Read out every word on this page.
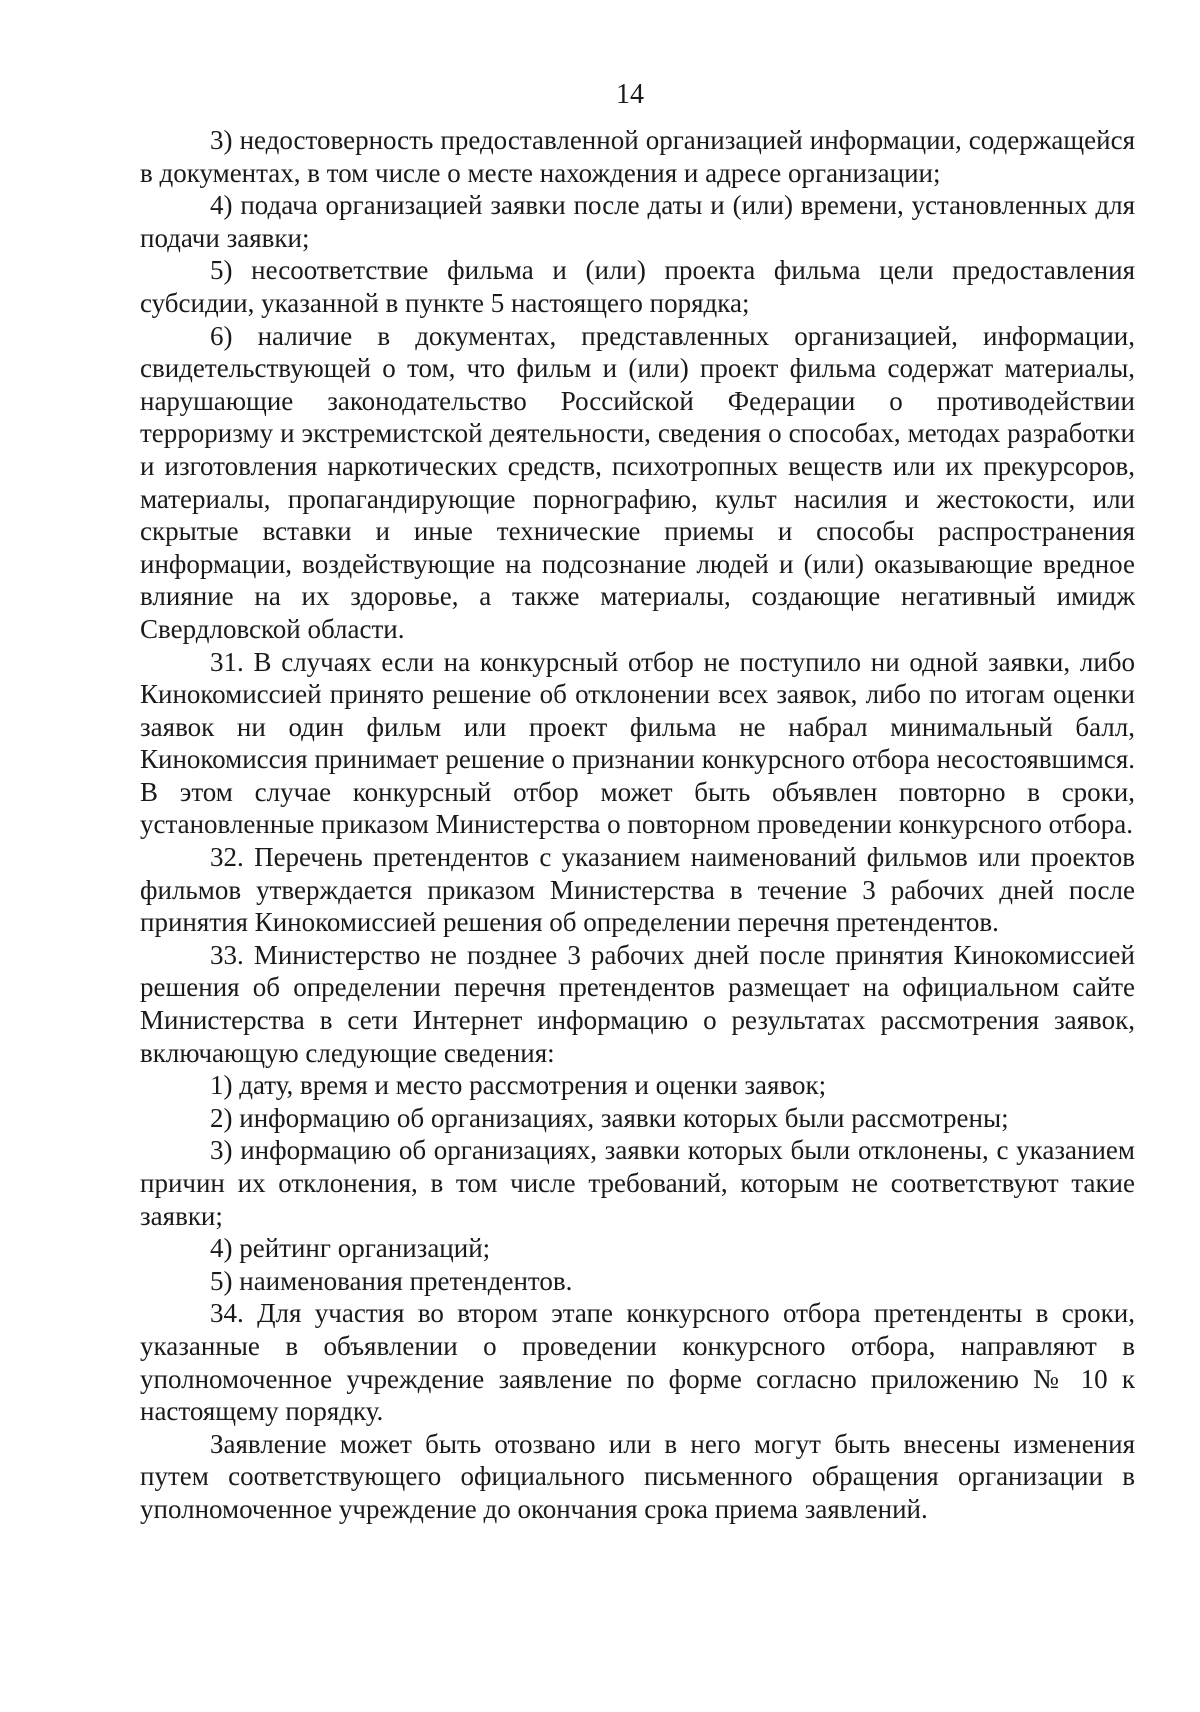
14

3) недостоверность предоставленной организацией информации, содержащейся в документах, в том числе о месте нахождения и адресе организации;

4) подача организацией заявки после даты и (или) времени, установленных для подачи заявки;

5) несоответствие фильма и (или) проекта фильма цели предоставления субсидии, указанной в пункте 5 настоящего порядка;

6) наличие в документах, представленных организацией, информации, свидетельствующей о том, что фильм и (или) проект фильма содержат материалы, нарушающие законодательство Российской Федерации о противодействии терроризму и экстремистской деятельности, сведения о способах, методах разработки и изготовления наркотических средств, психотропных веществ или их прекурсоров, материалы, пропагандирующие порнографию, культ насилия и жестокости, или скрытые вставки и иные технические приемы и способы распространения информации, воздействующие на подсознание людей и (или) оказывающие вредное влияние на их здоровье, а также материалы, создающие негативный имидж Свердловской области.

31. В случаях если на конкурсный отбор не поступило ни одной заявки, либо Кинокомиссией принято решение об отклонении всех заявок, либо по итогам оценки заявок ни один фильм или проект фильма не набрал минимальный балл, Кинокомиссия принимает решение о признании конкурсного отбора несостоявшимся. В этом случае конкурсный отбор может быть объявлен повторно в сроки, установленные приказом Министерства о повторном проведении конкурсного отбора.

32. Перечень претендентов с указанием наименований фильмов или проектов фильмов утверждается приказом Министерства в течение 3 рабочих дней после принятия Кинокомиссией решения об определении перечня претендентов.

33. Министерство не позднее 3 рабочих дней после принятия Кинокомиссией решения об определении перечня претендентов размещает на официальном сайте Министерства в сети Интернет информацию о результатах рассмотрения заявок, включающую следующие сведения:

1) дату, время и место рассмотрения и оценки заявок;

2) информацию об организациях, заявки которых были рассмотрены;

3) информацию об организациях, заявки которых были отклонены, с указанием причин их отклонения, в том числе требований, которым не соответствуют такие заявки;

4) рейтинг организаций;

5) наименования претендентов.

34. Для участия во втором этапе конкурсного отбора претенденты в сроки, указанные в объявлении о проведении конкурсного отбора, направляют в уполномоченное учреждение заявление по форме согласно приложению № 10 к настоящему порядку.

Заявление может быть отозвано или в него могут быть внесены изменения путем соответствующего официального письменного обращения организации в уполномоченное учреждение до окончания срока приема заявлений.
